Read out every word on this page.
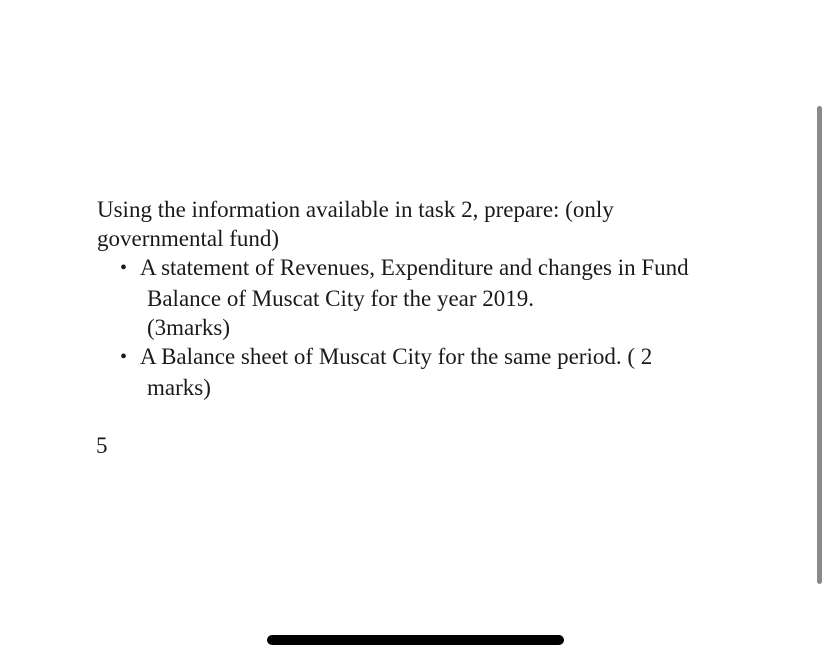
Using the information available in task 2, prepare: (only
governmental fund)
• A statement of Revenues, Expenditure and changes in Fund
Balance of Muscat City for the year 2019.
(3marks)
• A Balance sheet of Muscat City for the same period. ( 2
marks)
5
